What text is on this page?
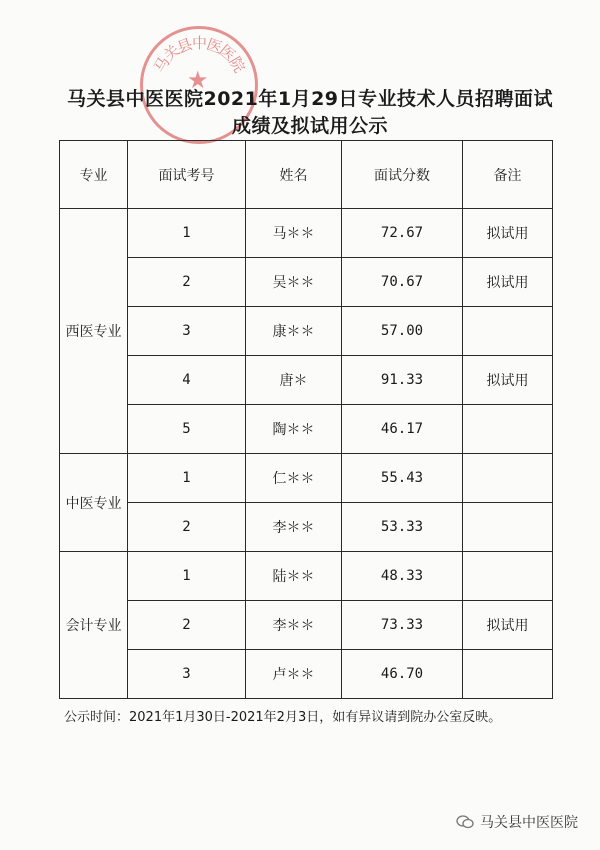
马
关
县
中
医
医
院
★
马关县中医医院2021年1月29日专业技术人员招聘面试成绩及拟试用公示
专业	面试考号	姓名	面试分数	备注
西医专业	1	马＊＊	72.67	拟试用
	2	吴＊＊	70.67	拟试用
	3	康＊＊	57.00	
	4	唐＊	91.33	拟试用
	5	陶＊＊	46.17	
中医专业	1	仁＊＊	55.43	
	2	李＊＊	53.33	
会计专业	1	陆＊＊	48.33	
	2	李＊＊	73.33	拟试用
	3	卢＊＊	46.70	
公示时间：2021年1月30日-2021年2月3日，如有异议请到院办公室反映。
马关县中医医院
